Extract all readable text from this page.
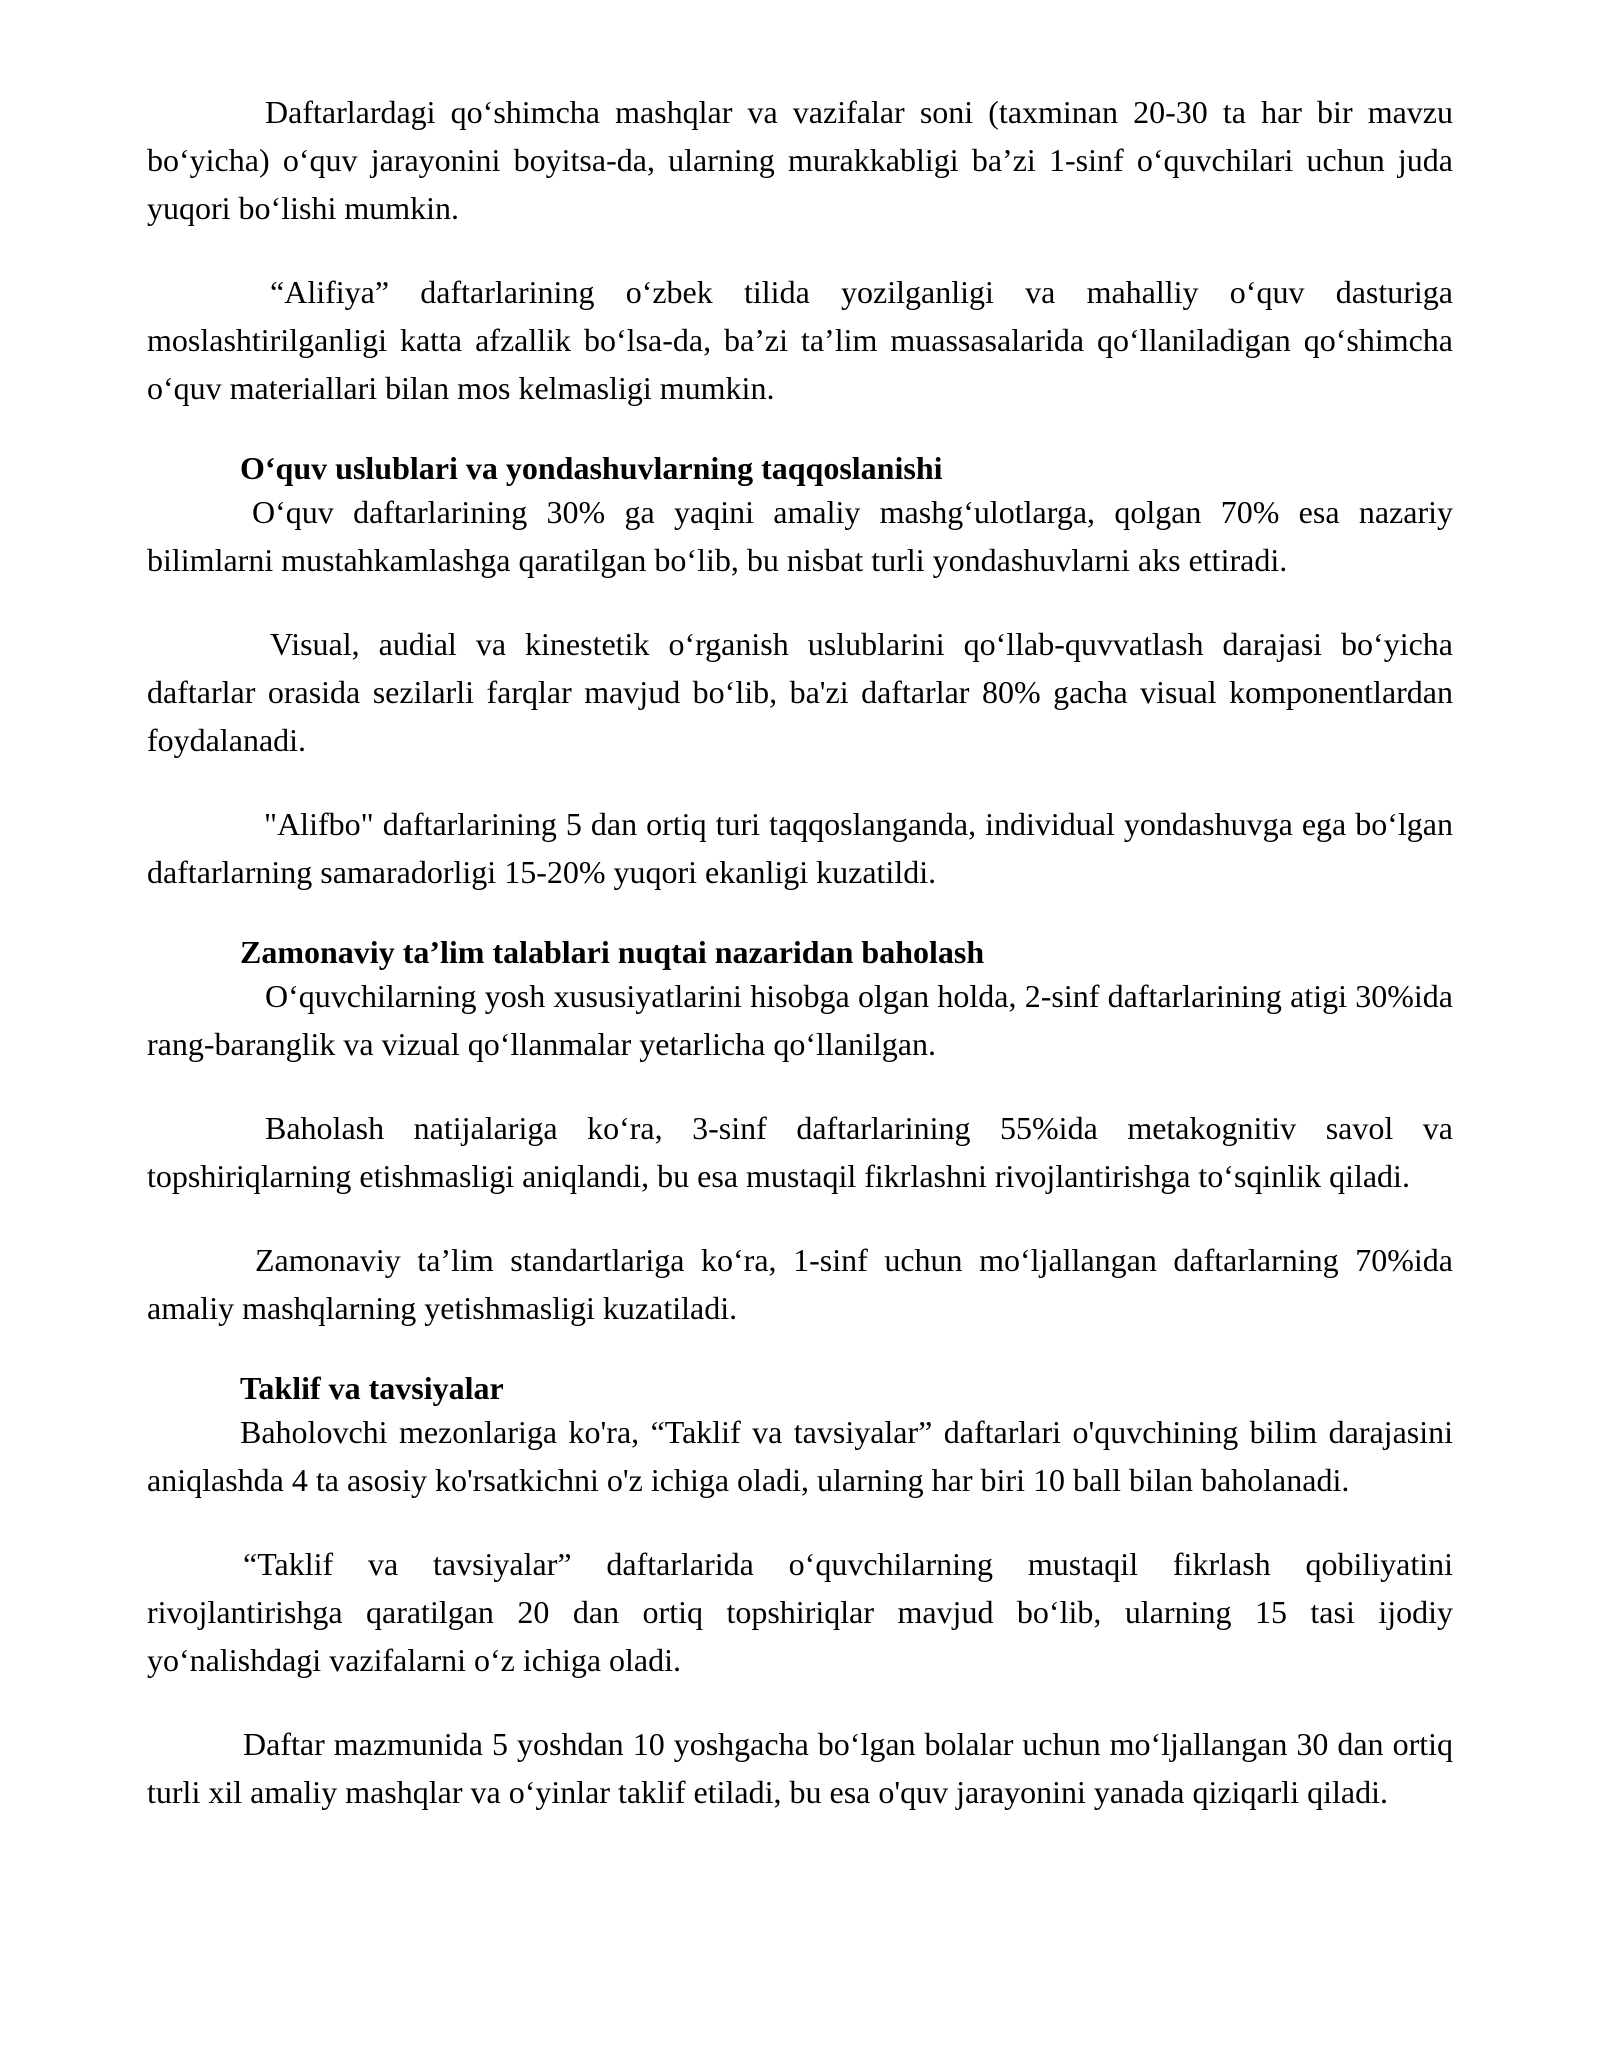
Daftarlardagi qo‘shimcha mashqlar va vazifalar soni (taxminan 20-30 ta har bir mavzu bo‘yicha) o‘quv jarayonini boyitsa-da, ularning murakkabligi ba’zi 1-sinf o‘quvchilari uchun juda yuqori bo‘lishi mumkin.

“Alifiya” daftarlarining o‘zbek tilida yozilganligi va mahalliy o‘quv dasturiga moslashtirilganligi katta afzallik bo‘lsa-da, ba’zi ta’lim muassasalarida qo‘llaniladigan qo‘shimcha o‘quv materiallari bilan mos kelmasligi mumkin.

O‘quv uslublari va yondashuvlarning taqqoslanishi

O‘quv daftarlarining 30% ga yaqini amaliy mashg‘ulotlarga, qolgan 70% esa nazariy bilimlarni mustahkamlashga qaratilgan bo‘lib, bu nisbat turli yondashuvlarni aks ettiradi.

Visual, audial va kinestetik o‘rganish uslublarini qo‘llab-quvvatlash darajasi bo‘yicha daftarlar orasida sezilarli farqlar mavjud bo‘lib, ba'zi daftarlar 80% gacha visual komponentlardan foydalanadi.

"Alifbo" daftarlarining 5 dan ortiq turi taqqoslanganda, individual yondashuvga ega bo‘lgan daftarlarning samaradorligi 15-20% yuqori ekanligi kuzatildi.

Zamonaviy ta’lim talablari nuqtai nazaridan baholash

O‘quvchilarning yosh xususiyatlarini hisobga olgan holda, 2-sinf daftarlarining atigi 30%ida rang-baranglik va vizual qo‘llanmalar yetarlicha qo‘llanilgan.

Baholash natijalariga ko‘ra, 3-sinf daftarlarining 55%ida metakognitiv savol va topshiriqlarning etishmasligi aniqlandi, bu esa mustaqil fikrlashni rivojlantirishga to‘sqinlik qiladi.

Zamonaviy ta’lim standartlariga ko‘ra, 1-sinf uchun mo‘ljallangan daftarlarning 70%ida amaliy mashqlarning yetishmasligi kuzatiladi.

Taklif va tavsiyalar

Baholovchi mezonlariga ko'ra, “Taklif va tavsiyalar” daftarlari o'quvchining bilim darajasini aniqlashda 4 ta asosiy ko'rsatkichni o'z ichiga oladi, ularning har biri 10 ball bilan baholanadi.

“Taklif va tavsiyalar” daftarlarida o‘quvchilarning mustaqil fikrlash qobiliyatini rivojlantirishga qaratilgan 20 dan ortiq topshiriqlar mavjud bo‘lib, ularning 15 tasi ijodiy yo‘nalishdagi vazifalarni o‘z ichiga oladi.

Daftar mazmunida 5 yoshdan 10 yoshgacha bo‘lgan bolalar uchun mo‘ljallangan 30 dan ortiq turli xil amaliy mashqlar va o‘yinlar taklif etiladi, bu esa o'quv jarayonini yanada qiziqarli qiladi.
